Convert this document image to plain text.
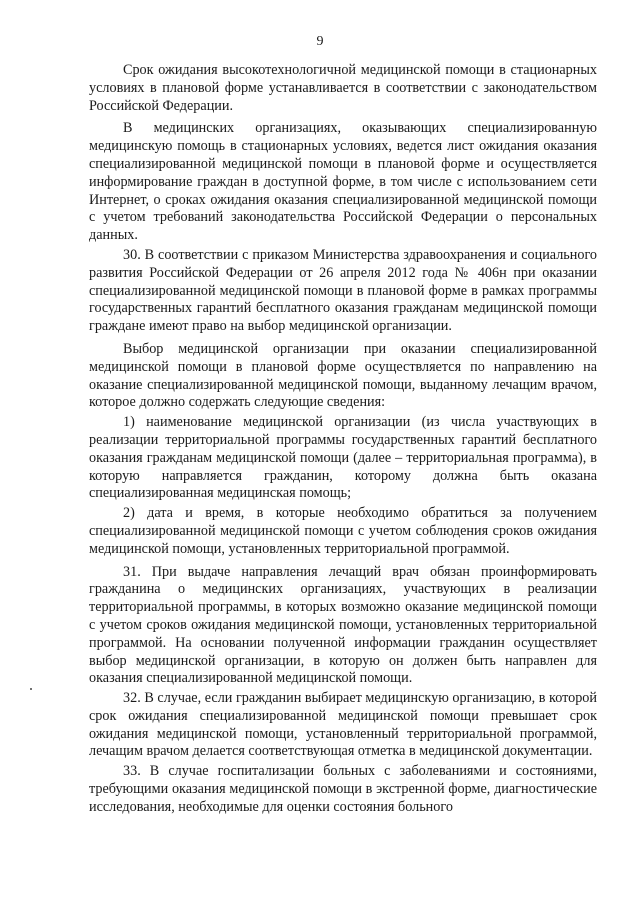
9

Срок ожидания высокотехнологичной медицинской помощи в стационарных условиях в плановой форме устанавливается в соответствии с законодательством Российской Федерации.

В медицинских организациях, оказывающих специализированную медицинскую помощь в стационарных условиях, ведется лист ожидания оказания специализированной медицинской помощи в плановой форме и осуществляется информирование граждан в доступной форме, в том числе с использованием сети Интернет, о сроках ожидания оказания специализированной медицинской помощи с учетом требований законодательства Российской Федерации о персональных данных.

30. В соответствии с приказом Министерства здравоохранения и социального развития Российской Федерации от 26 апреля 2012 года № 406н при оказании специализированной медицинской помощи в плановой форме в рамках программы государственных гарантий бесплатного оказания гражданам медицинской помощи граждане имеют право на выбор медицинской организации.

Выбор медицинской организации при оказании специализированной медицинской помощи в плановой форме осуществляется по направлению на оказание специализированной медицинской помощи, выданному лечащим врачом, которое должно содержать следующие сведения:

1) наименование медицинской организации (из числа участвующих в реализации территориальной программы государственных гарантий бесплатного оказания гражданам медицинской помощи (далее – территориальная программа), в которую направляется гражданин, которому должна быть оказана специализированная медицинская помощь;

2) дата и время, в которые необходимо обратиться за получением специализированной медицинской помощи с учетом соблюдения сроков ожидания медицинской помощи, установленных территориальной программой.

31. При выдаче направления лечащий врач обязан проинформировать гражданина о медицинских организациях, участвующих в реализации территориальной программы, в которых возможно оказание медицинской помощи с учетом сроков ожидания медицинской помощи, установленных территориальной программой. На основании полученной информации гражданин осуществляет выбор медицинской организации, в которую он должен быть направлен для оказания специализированной медицинской помощи.

32. В случае, если гражданин выбирает медицинскую организацию, в которой срок ожидания специализированной медицинской помощи превышает срок ожидания медицинской помощи, установленный территориальной программой, лечащим врачом делается соответствующая отметка в медицинской документации.

33. В случае госпитализации больных с заболеваниями и состояниями, требующими оказания медицинской помощи в экстренной форме, диагностические исследования, необходимые для оценки состояния больного
